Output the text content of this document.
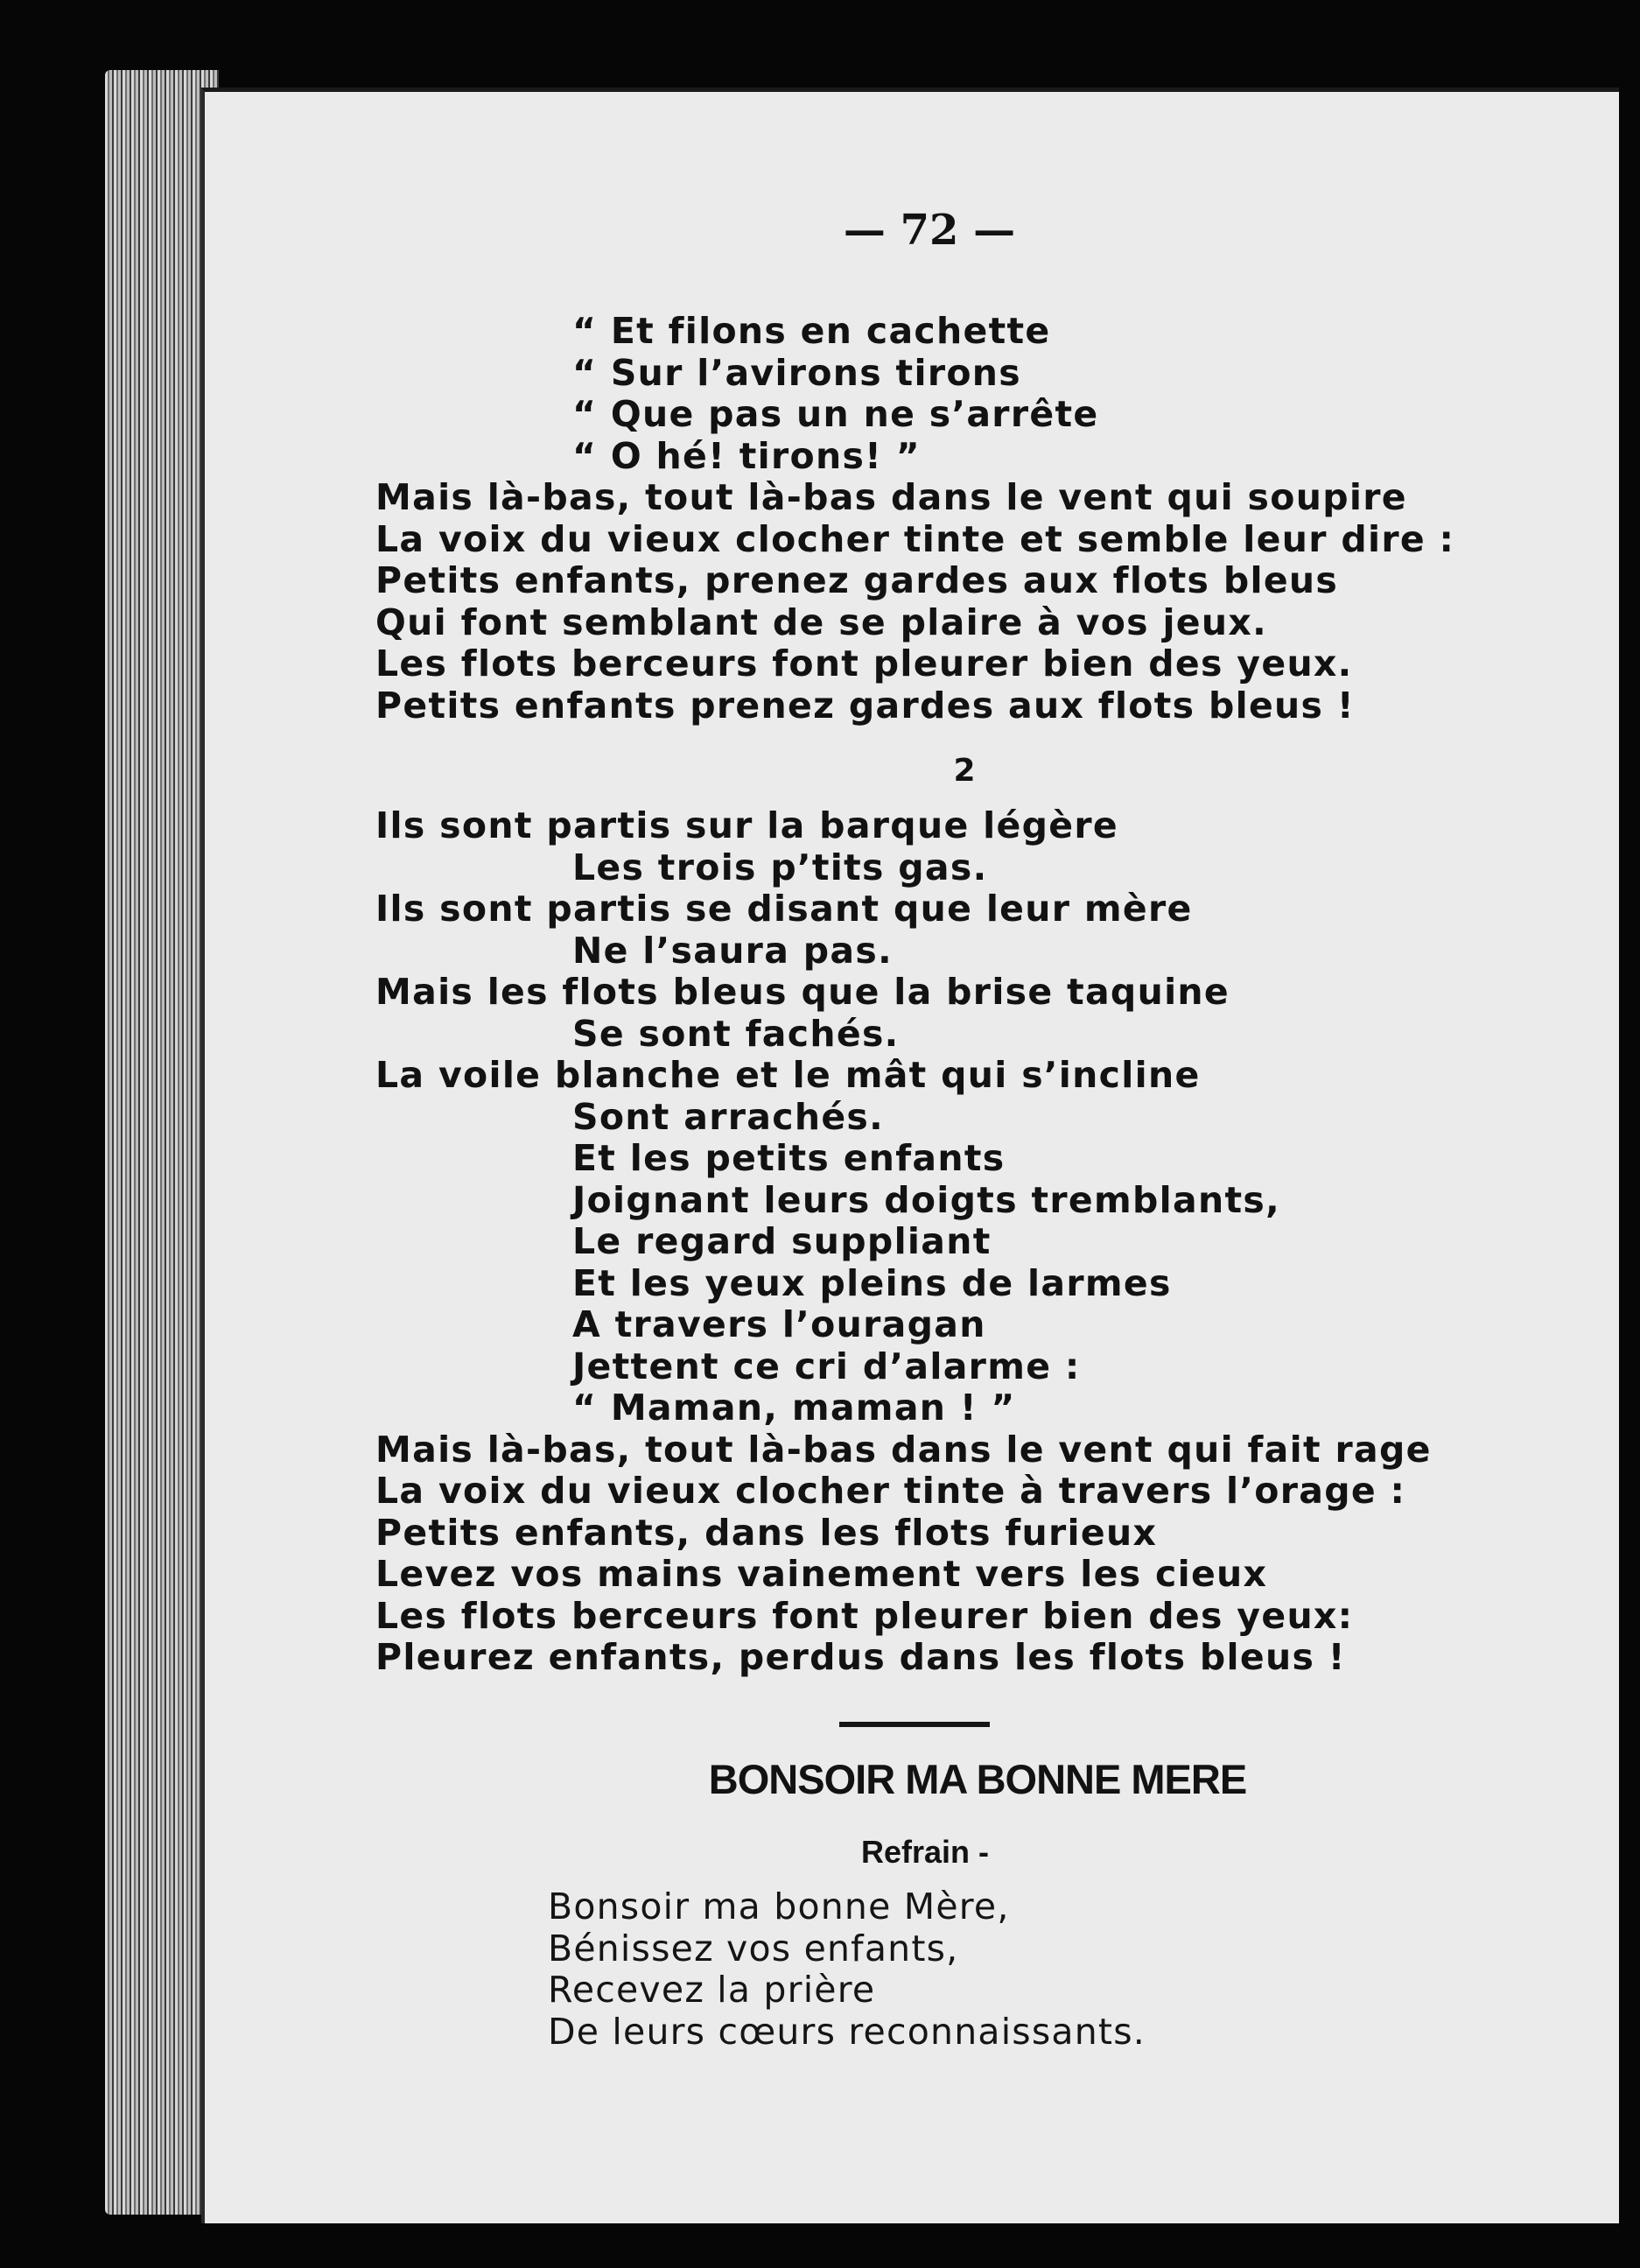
— 72 —
“ Et filons en cachette
“ Sur l’avirons tirons
“ Que pas un ne s’arrête
“ O hé! tirons! ”
Mais là-bas, tout là-bas dans le vent qui soupire
La voix du vieux clocher tinte et semble leur dire :
Petits enfants, prenez gardes aux flots bleus
Qui font semblant de se plaire à vos jeux.
Les flots berceurs font pleurer bien des yeux.
Petits enfants prenez gardes aux flots bleus !
2
Ils sont partis sur la barque légère
Les trois p’tits gas.
Ils sont partis se disant que leur mère
Ne l’saura pas.
Mais les flots bleus que la brise taquine
Se sont fachés.
La voile blanche et le mât qui s’incline
Sont arrachés.
Et les petits enfants
Joignant leurs doigts tremblants,
Le regard suppliant
Et les yeux pleins de larmes
A travers l’ouragan
Jettent ce cri d’alarme :
“ Maman, maman ! ”
Mais là-bas, tout là-bas dans le vent qui fait rage
La voix du vieux clocher tinte à travers l’orage :
Petits enfants, dans les flots furieux
Levez vos mains vainement vers les cieux
Les flots berceurs font pleurer bien des yeux:
Pleurez enfants, perdus dans les flots bleus !
BONSOIR MA BONNE MERE
Refrain -
Bonsoir ma bonne Mère,
Bénissez vos enfants,
Recevez la prière
De leurs cœurs reconnaissants.
